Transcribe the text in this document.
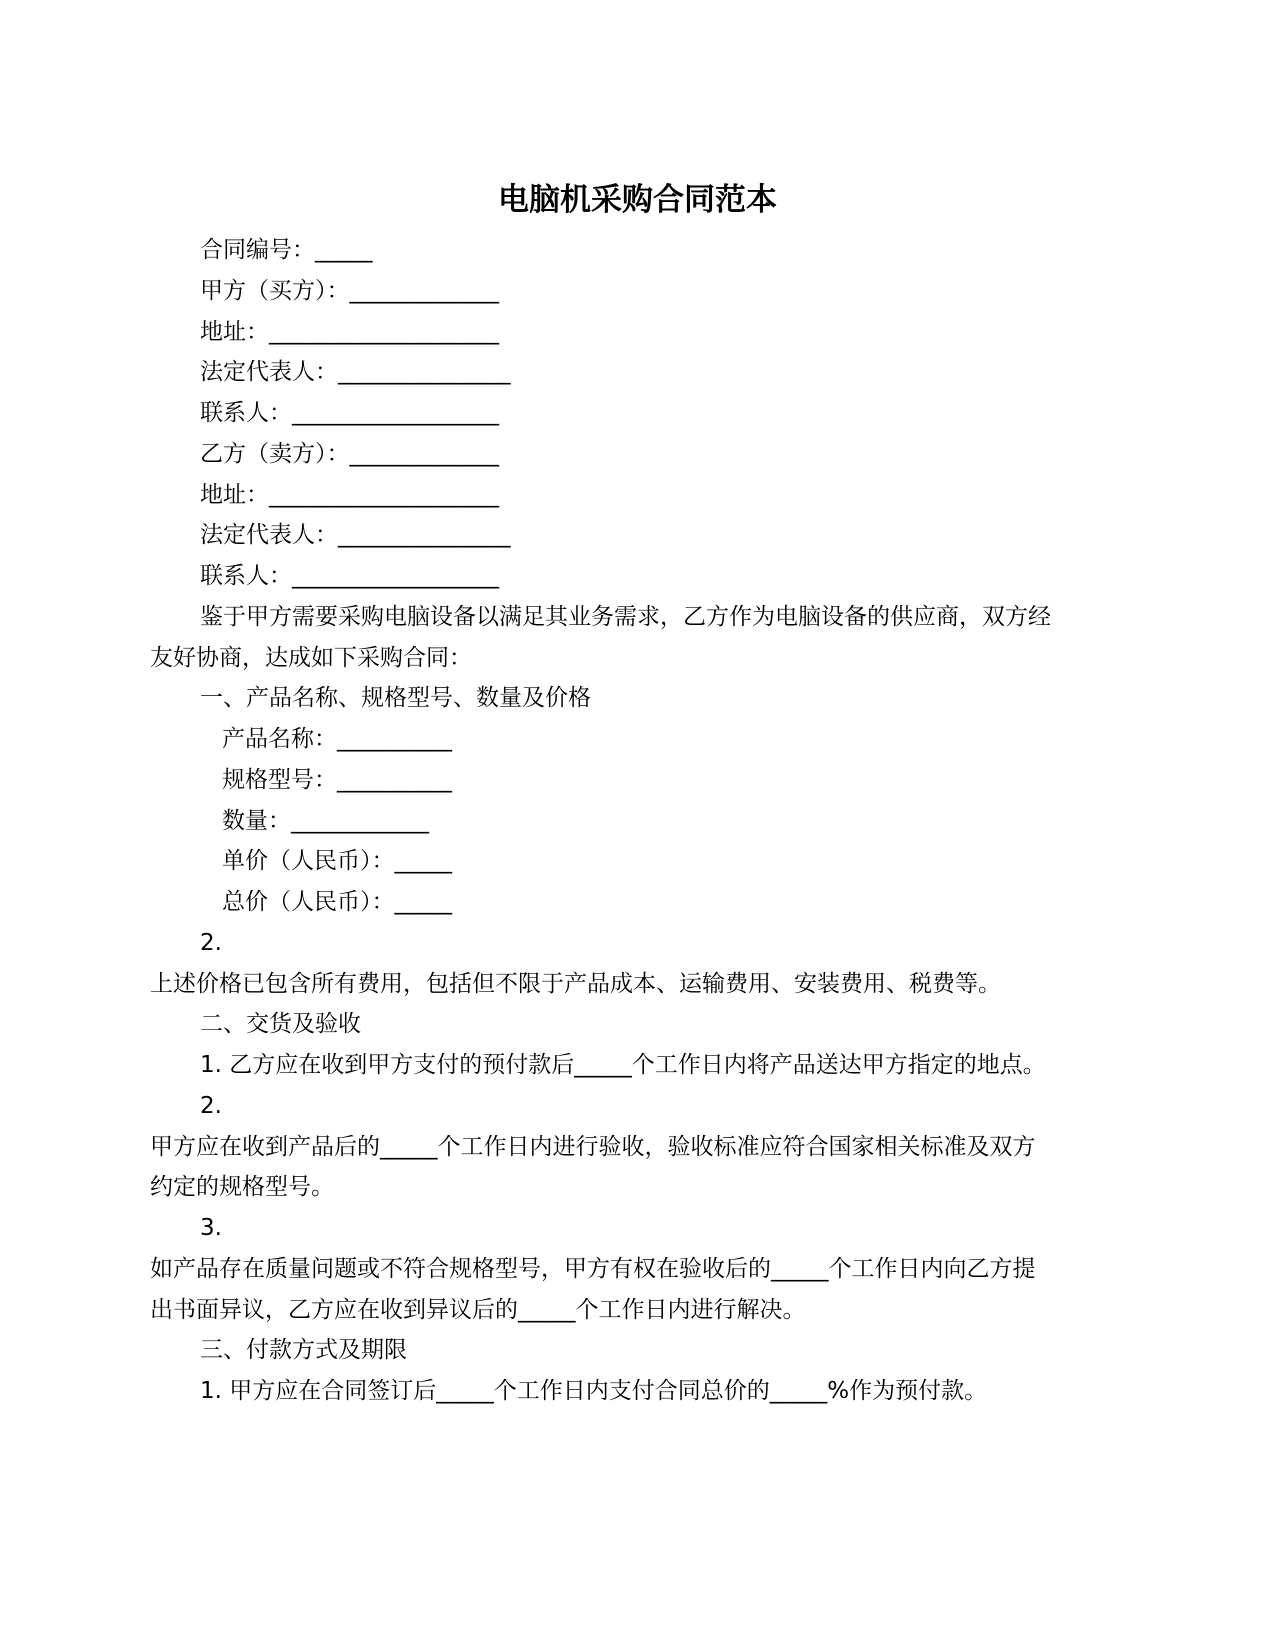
电脑机采购合同范本
合同编号：_____
甲方（买方）：_____________
地址：____________________
法定代表人：_______________
联系人：__________________
乙方（卖方）：_____________
地址：____________________
法定代表人：_______________
联系人：__________________
鉴于甲方需要采购电脑设备以满足其业务需求，乙方作为电脑设备的供应商，双方经
友好协商，达成如下采购合同：
一、产品名称、规格型号、数量及价格
产品名称：__________
规格型号：__________
数量：____________
单价（人民币）：_____
总价（人民币）：_____
2.
上述价格已包含所有费用，包括但不限于产品成本、运输费用、安装费用、税费等。
二、交货及验收
1. 乙方应在收到甲方支付的预付款后_____个工作日内将产品送达甲方指定的地点。
2.
甲方应在收到产品后的_____个工作日内进行验收，验收标准应符合国家相关标准及双方
约定的规格型号。
3.
如产品存在质量问题或不符合规格型号，甲方有权在验收后的_____个工作日内向乙方提
出书面异议，乙方应在收到异议后的_____个工作日内进行解决。
三、付款方式及期限
1. 甲方应在合同签订后_____个工作日内支付合同总价的_____%作为预付款。
